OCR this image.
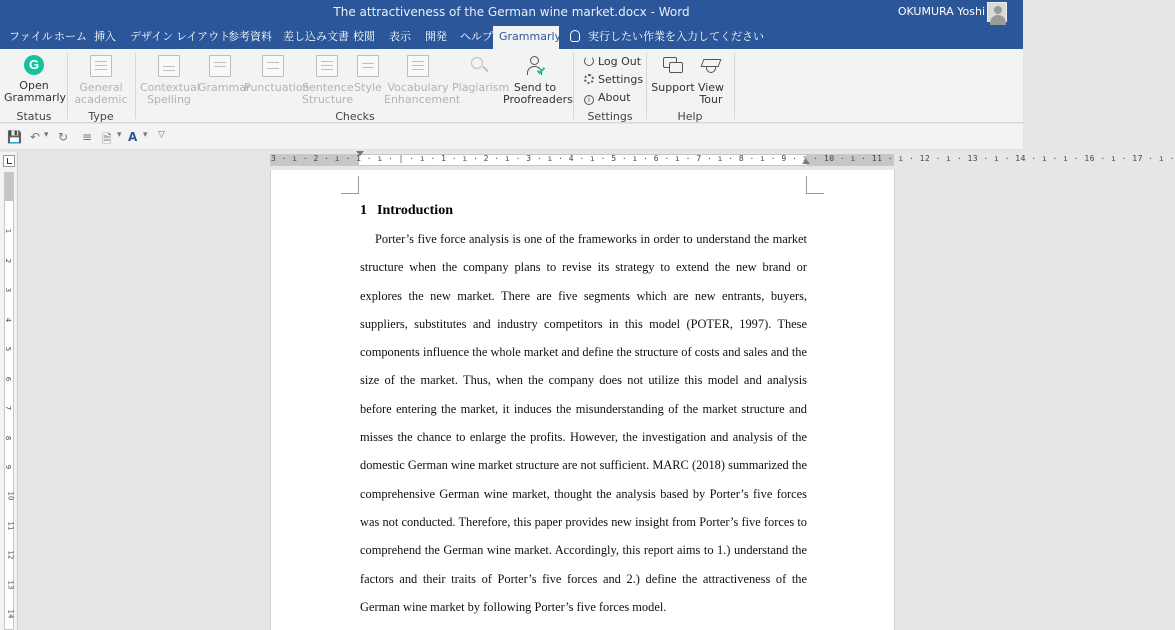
The attractiveness of the German wine market.docx - Word	OKUMURA Yoshi
ファイル ホーム 挿入	デザイン レイアウト
参考資料	差し込み文書 校閲	表示	開発	ヘルプ Grammarly	実行したい作業を入力してください
G
Open Grammarly
Status
General academic
Type
Contextual Spelling
Grammar
Punctuation
Sentence Structure
Style Vocabulary Enhancement
Plagiarism Send to Proofreaders
Checks
Log Out
Settings
i About
Settings
Support View Tour
Help
💾 ↶ ▾ ↻ ≡ 🗎 ▾ A ▾ ▽
3 · ı · 2 · ı · 1 · ı · | · ı · 1 · ı · 2 · ı · 3 · ı · 4 · ı · 5 · ı · 6 · ı · 7 · ı · 8 · ı · 9 · ı · 10 · ı · 11 · ı · 12 · ı · 13 · ı · 14 · ı · ı · 16 · ı · 17 · ı ·
1
2
3
4
5
6
7
8
9
10
11
12
13
14
1 Introduction
Porter’s five force analysis is one of the frameworks in order to understand the market structure when the company plans to revise its strategy to extend the new brand or explores the new market. There are five segments which are new entrants, buyers, suppliers, substitutes and industry competitors in this model (POTER, 1997). These components influence the whole market and define the structure of costs and sales and the size of the market. Thus, when the company does not utilize this model and analysis before entering the market, it induces the misunderstanding of the market structure and misses the chance to enlarge the profits. However, the investigation and analysis of the domestic German wine market structure are not sufficient. MARC (2018) summarized the comprehensive German wine market, thought the analysis based by Porter’s five forces was not conducted. Therefore, this paper provides new insight from Porter’s five forces to comprehend the German wine market. Accordingly, this report aims to 1.) understand the factors and their traits of Porter’s five forces and 2.) define the attractiveness of the German wine market by following Porter’s five forces model.
